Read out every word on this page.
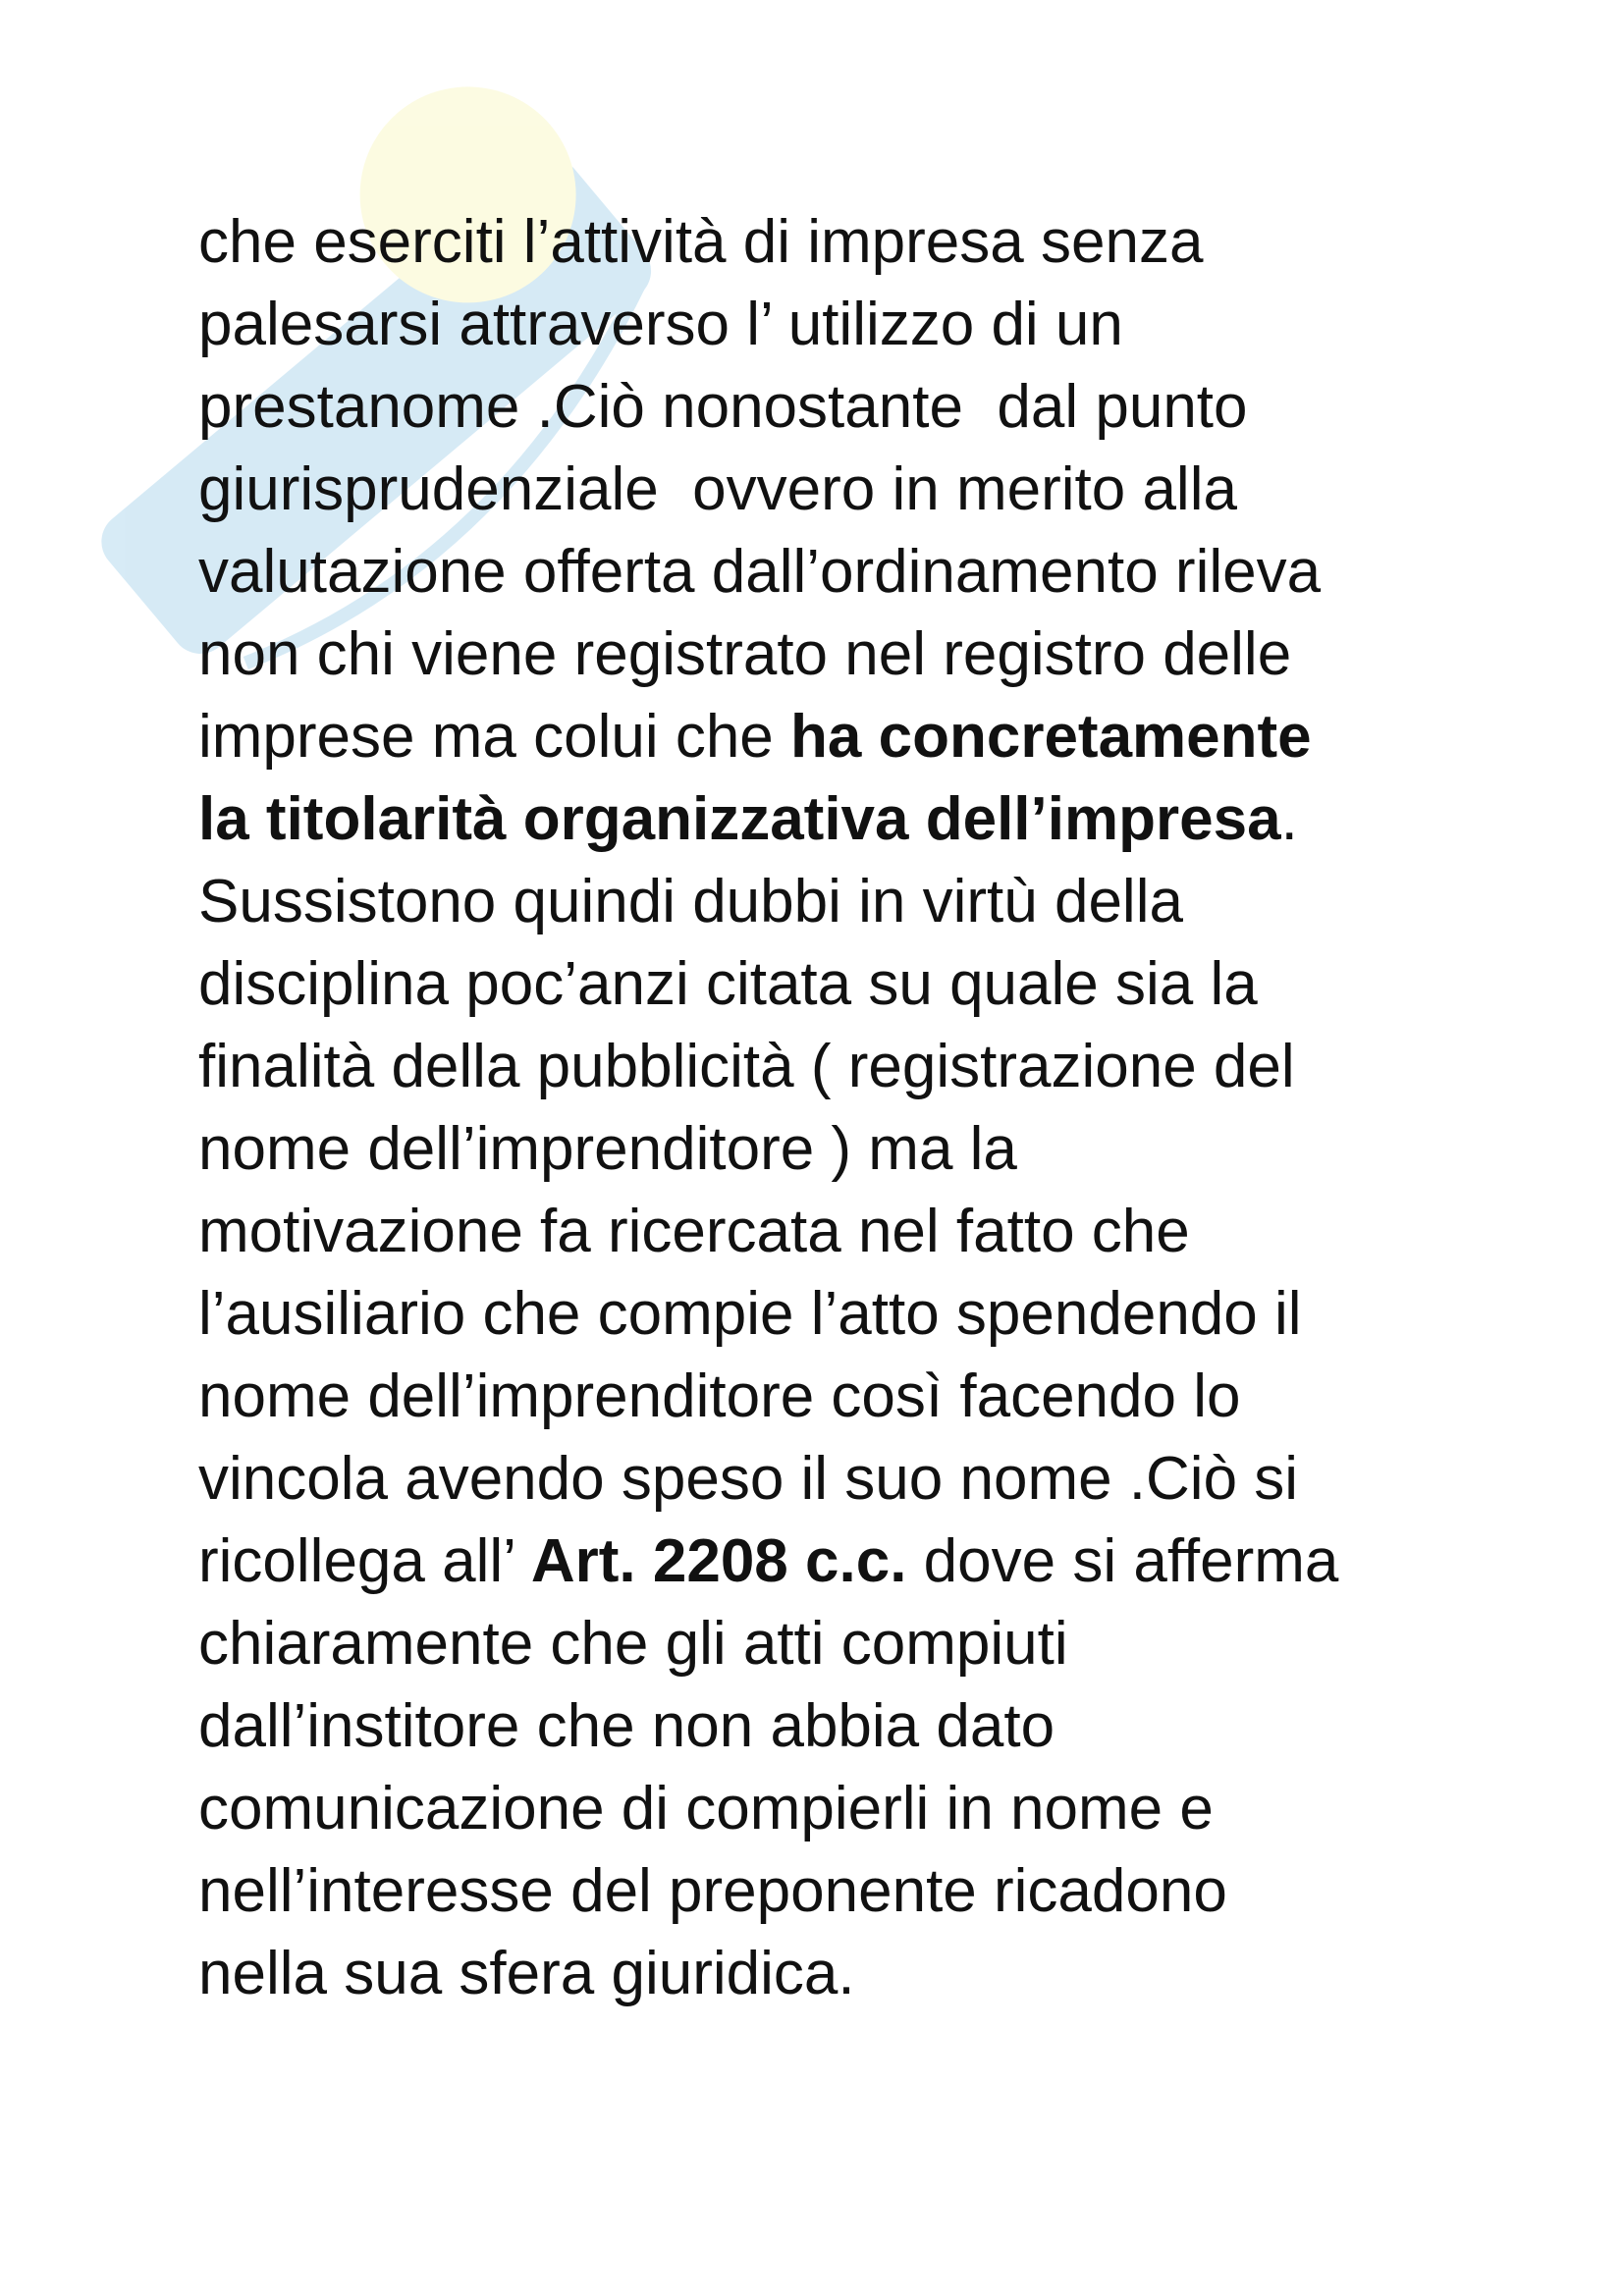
che eserciti l’attività di impresa senza
palesarsi attraverso l’ utilizzo di un
prestanome .Ciò nonostante  dal punto
giurisprudenziale  ovvero in merito alla
valutazione offerta dall’ordinamento rileva
non chi viene registrato nel registro delle
imprese ma colui che ha concretamente
la titolarità organizzativa dell’impresa.
Sussistono quindi dubbi in virtù della
disciplina poc’anzi citata su quale sia la
finalità della pubblicità ( registrazione del
nome dell’imprenditore ) ma la
motivazione fa ricercata nel fatto che
l’ausiliario che compie l’atto spendendo il
nome dell’imprenditore così facendo lo
vincola avendo speso il suo nome .Ciò si
ricollega all’ Art. 2208 c.c. dove si afferma
chiaramente che gli atti compiuti
dall’institore che non abbia dato
comunicazione di compierli in nome e
nell’interesse del preponente ricadono
nella sua sfera giuridica.
